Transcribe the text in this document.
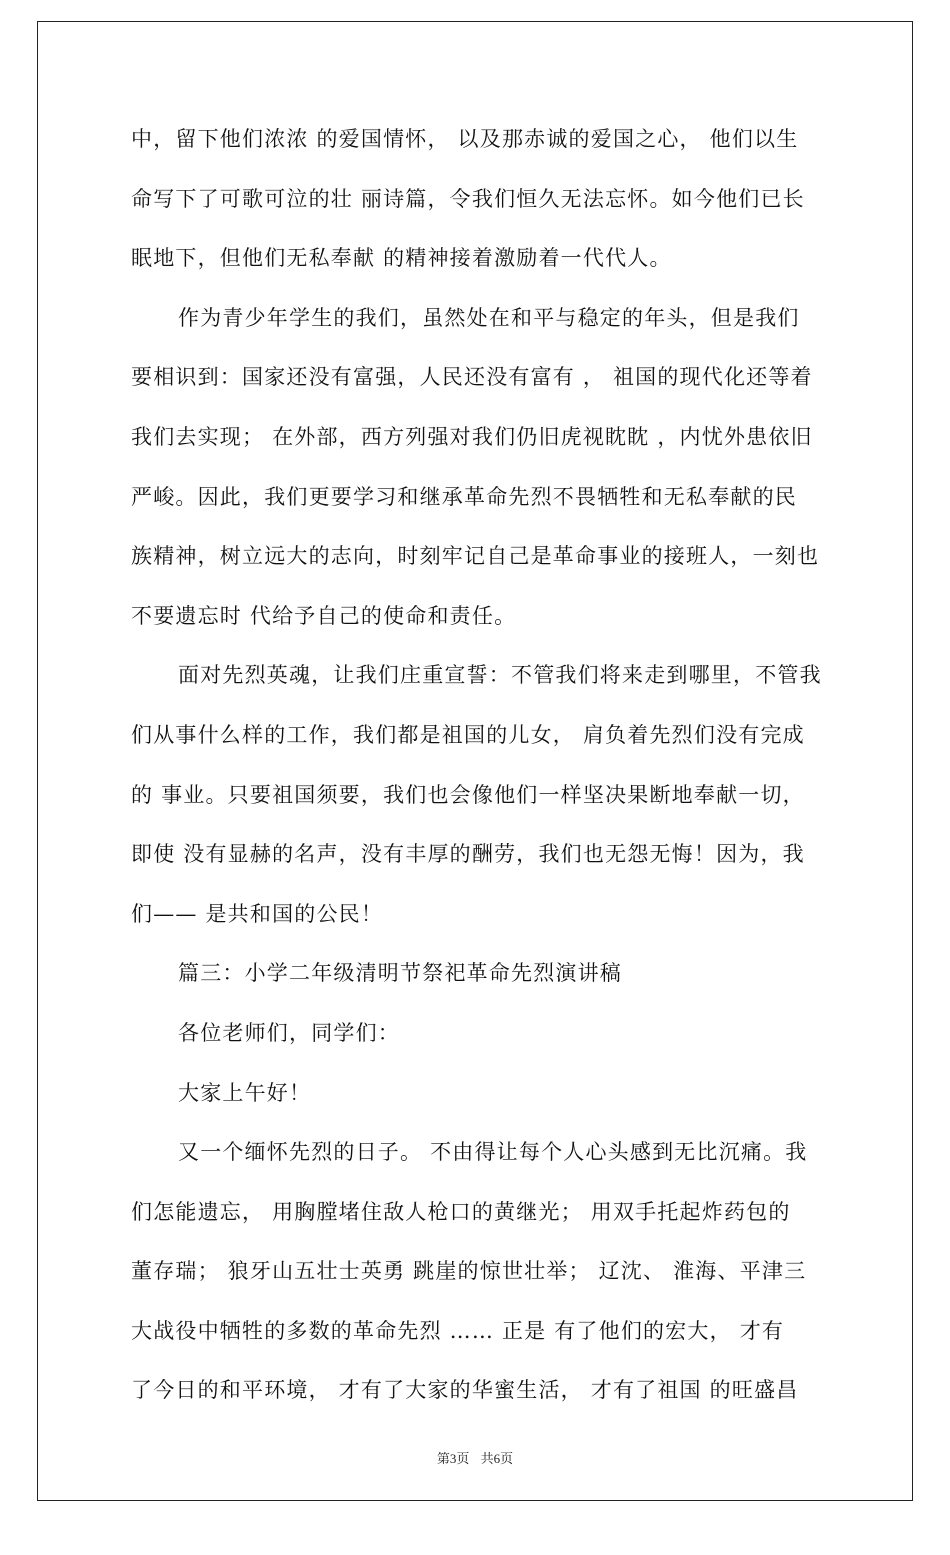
中，留下他们浓浓 的爱国情怀， 以及那赤诚的爱国之心， 他们以生
命写下了可歌可泣的壮 丽诗篇，令我们恒久无法忘怀。如今他们已长
眠地下，但他们无私奉献 的精神接着激励着一代代人。
作为青少年学生的我们，虽然处在和平与稳定的年头，但是我们
要相识到：国家还没有富强，人民还没有富有 ， 祖国的现代化还等着
我们去实现； 在外部，西方列强对我们仍旧虎视眈眈 ，内忧外患依旧
严峻。因此，我们更要学习和继承革命先烈不畏牺牲和无私奉献的民
族精神，树立远大的志向，时刻牢记自己是革命事业的接班人，一刻也
不要遗忘时 代给予自己的使命和责任。
面对先烈英魂，让我们庄重宣誓：不管我们将来走到哪里，不管我
们从事什么样的工作，我们都是祖国的儿女， 肩负着先烈们没有完成
的 事业。只要祖国须要，我们也会像他们一样坚决果断地奉献一切，
即使 没有显赫的名声，没有丰厚的酬劳，我们也无怨无悔！因为，我
们—— 是共和国的公民！
篇三：小学二年级清明节祭祀革命先烈演讲稿
各位老师们，同学们：
大家上午好！
又一个缅怀先烈的日子。 不由得让每个人心头感到无比沉痛。我
们怎能遗忘， 用胸膛堵住敌人枪口的黄继光； 用双手托起炸药包的
董存瑞； 狼牙山五壮士英勇 跳崖的惊世壮举； 辽沈、 淮海、平津三
大战役中牺牲的多数的革命先烈 …… 正是 有了他们的宏大， 才有
了今日的和平环境， 才有了大家的华蜜生活， 才有了祖国 的旺盛昌
第3页 共6页
